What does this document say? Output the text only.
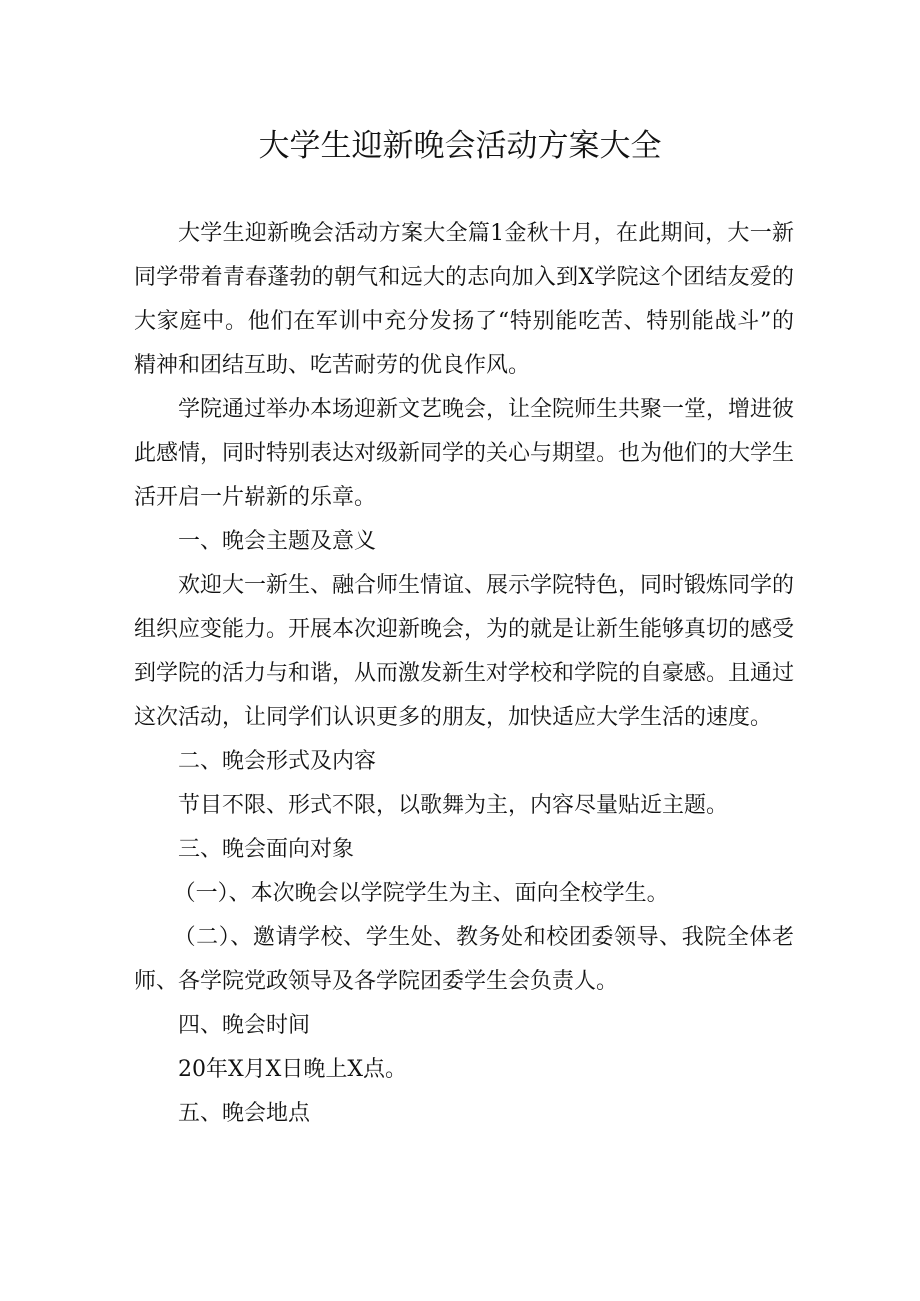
大学生迎新晚会活动方案大全

大学生迎新晚会活动方案大全篇1金秋十月，在此期间，大一新同学带着青春蓬勃的朝气和远大的志向加入到X学院这个团结友爱的大家庭中。他们在军训中充分发扬了“特别能吃苦、特别能战斗”的精神和团结互助、吃苦耐劳的优良作风。

学院通过举办本场迎新文艺晚会，让全院师生共聚一堂，增进彼此感情，同时特别表达对级新同学的关心与期望。也为他们的大学生活开启一片崭新的乐章。

一、晚会主题及意义

欢迎大一新生、融合师生情谊、展示学院特色，同时锻炼同学的组织应变能力。开展本次迎新晚会，为的就是让新生能够真切的感受到学院的活力与和谐，从而激发新生对学校和学院的自豪感。且通过这次活动，让同学们认识更多的朋友，加快适应大学生活的速度。

二、晚会形式及内容

节目不限、形式不限，以歌舞为主，内容尽量贴近主题。

三、晚会面向对象

（一）、本次晚会以学院学生为主、面向全校学生。

（二）、邀请学校、学生处、教务处和校团委领导、我院全体老师、各学院党政领导及各学院团委学生会负责人。

四、晚会时间

20年X月X日晚上X点。

五、晚会地点
